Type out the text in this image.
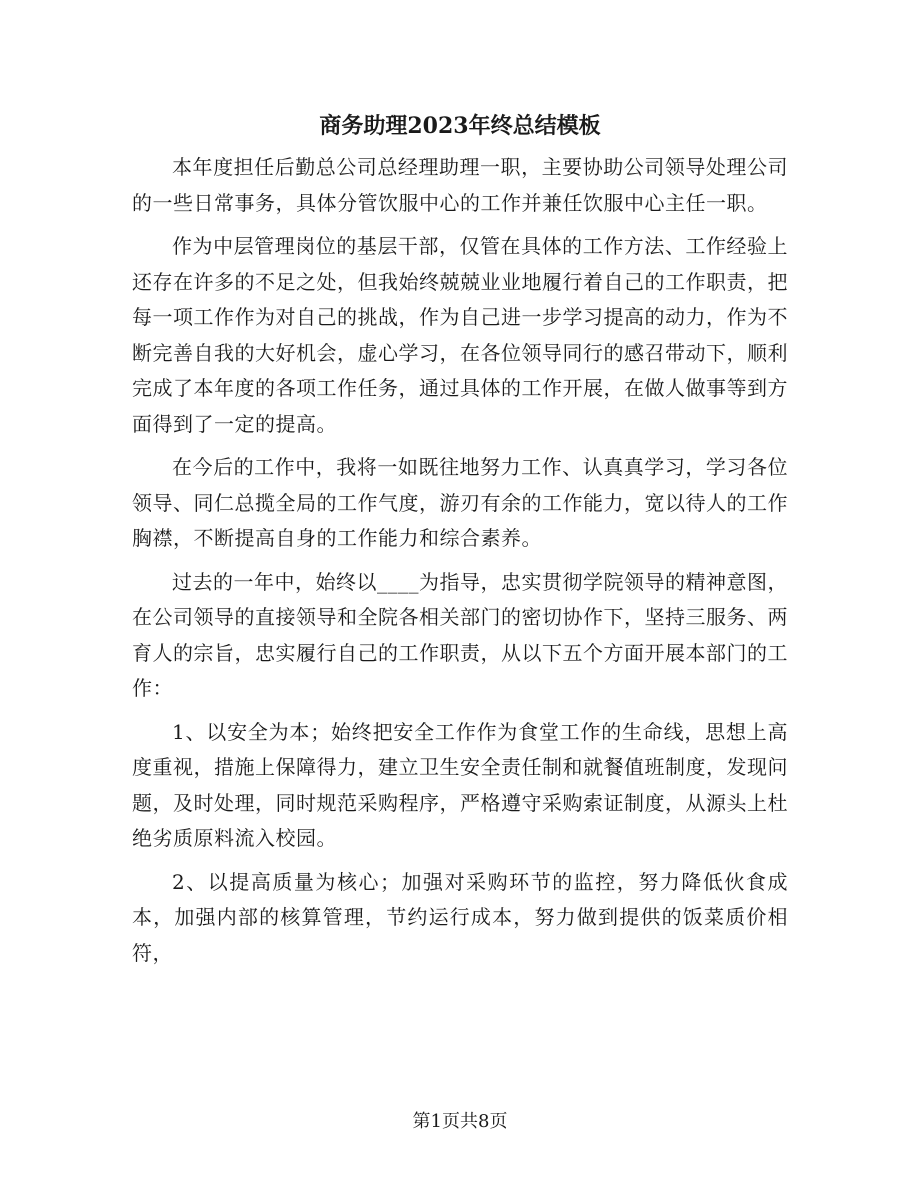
商务助理2023年终总结模板

本年度担任后勤总公司总经理助理一职，主要协助公司领导处理公司的一些日常事务，具体分管饮服中心的工作并兼任饮服中心主任一职。

作为中层管理岗位的基层干部，仅管在具体的工作方法、工作经验上还存在许多的不足之处，但我始终兢兢业业地履行着自己的工作职责，把每一项工作作为对自己的挑战，作为自己进一步学习提高的动力，作为不断完善自我的大好机会，虚心学习，在各位领导同行的感召带动下，顺利完成了本年度的各项工作任务，通过具体的工作开展，在做人做事等到方面得到了一定的提高。

在今后的工作中，我将一如既往地努力工作、认真真学习，学习各位领导、同仁总揽全局的工作气度，游刃有余的工作能力，宽以待人的工作胸襟，不断提高自身的工作能力和综合素养。

过去的一年中，始终以____为指导，忠实贯彻学院领导的精神意图，在公司领导的直接领导和全院各相关部门的密切协作下，坚持三服务、两育人的宗旨，忠实履行自己的工作职责，从以下五个方面开展本部门的工作：

1、以安全为本；始终把安全工作作为食堂工作的生命线，思想上高度重视，措施上保障得力，建立卫生安全责任制和就餐值班制度，发现问题，及时处理，同时规范采购程序，严格遵守采购索证制度，从源头上杜绝劣质原料流入校园。

2、以提高质量为核心；加强对采购环节的监控，努力降低伙食成本，加强内部的核算管理，节约运行成本，努力做到提供的饭菜质价相符，

第1页共8页
